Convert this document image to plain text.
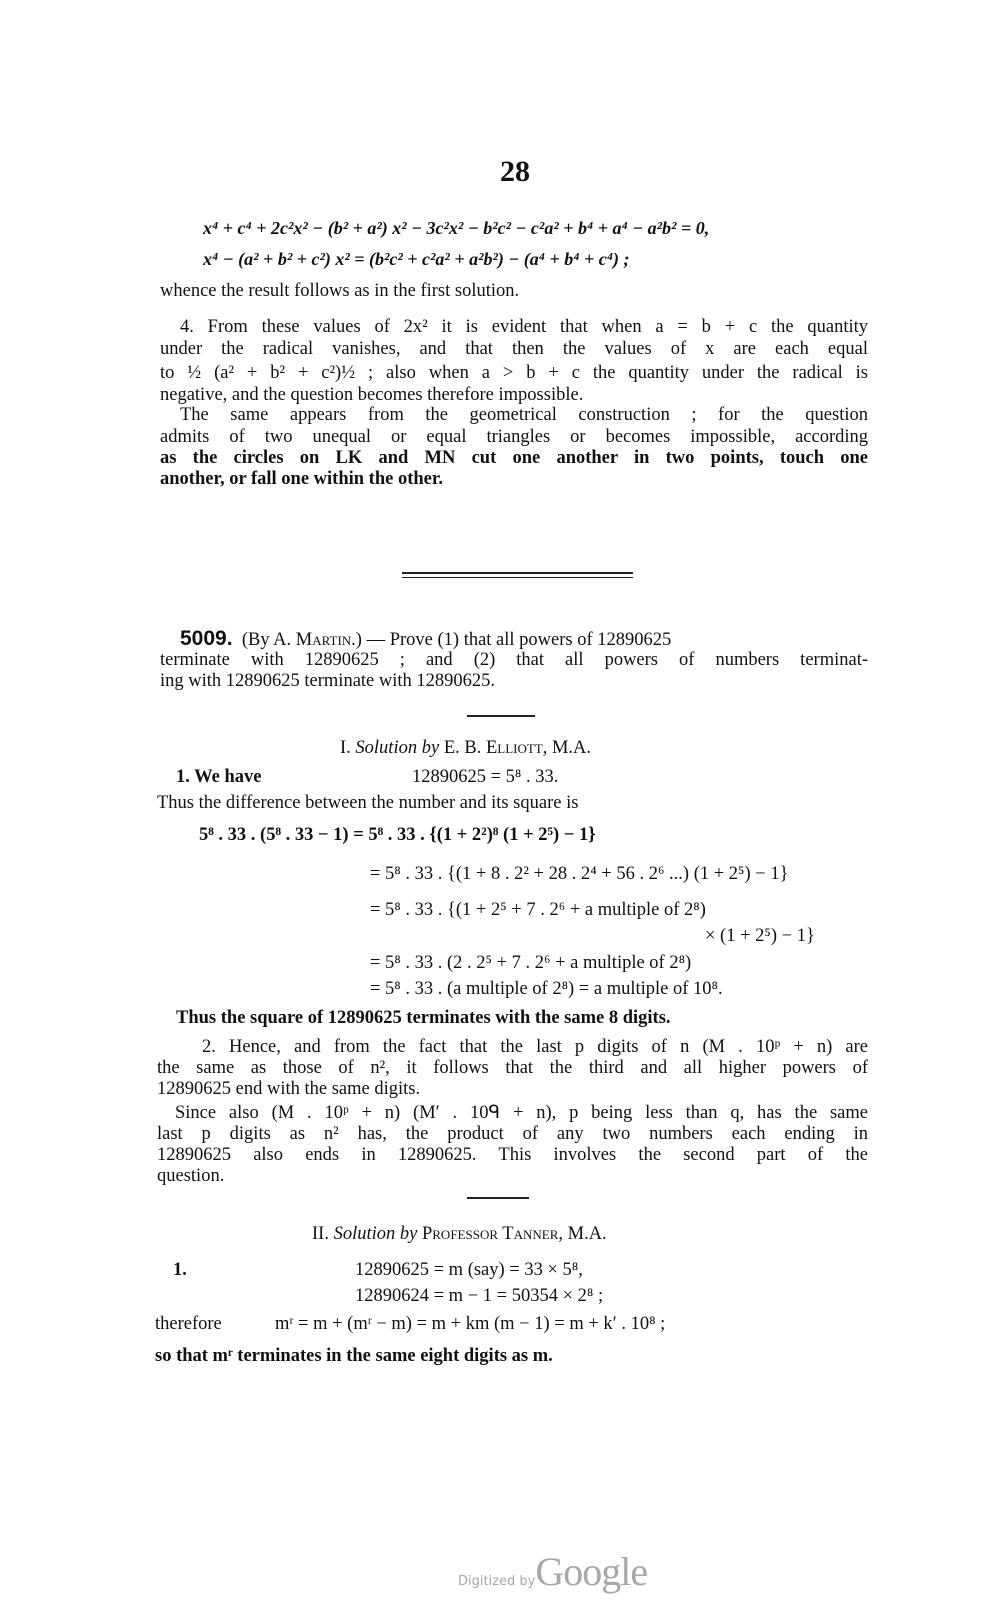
28
x⁴ + c⁴ + 2c²x² − (b² + a²) x² − 3c²x² − b²c² − c²a² + b⁴ + a⁴ − a²b² = 0,
x⁴ − (a² + b² + c²) x² = (b²c² + c²a² + a²b²) − (a⁴ + b⁴ + c⁴) ;
whence the result follows as in the first solution.
4. From these values of 2x² it is evident that when a = b + c the quantity
under the radical vanishes, and that then the values of x are each equal
to ½ (a² + b² + c²)½ ; also when a > b + c the quantity under the radical is
negative, and the question becomes therefore impossible.
The same appears from the geometrical construction ; for the question
admits of two unequal or equal triangles or becomes impossible, according
as the circles on LK and MN cut one another in two points, touch one
another, or fall one within the other.
5009. (By A. Martin.) — Prove (1) that all powers of 12890625
terminate with 12890625 ; and (2) that all powers of numbers terminat-
ing with 12890625 terminate with 12890625.
I. Solution by E. B. Elliott, M.A.
1. We have	12890625 = 5⁸ . 33.
Thus the difference between the number and its square is
5⁸ . 33 . (5⁸ . 33 − 1) = 5⁸ . 33 . {(1 + 2²)⁸ (1 + 2⁵) − 1}
= 5⁸ . 33 . {(1 + 8 . 2² + 28 . 2⁴ + 56 . 2⁶ ...) (1 + 2⁵) − 1}
= 5⁸ . 33 . {(1 + 2⁵ + 7 . 2⁶ + a multiple of 2⁸)
× (1 + 2⁵) − 1}
= 5⁸ . 33 . (2 . 2⁵ + 7 . 2⁶ + a multiple of 2⁸)
= 5⁸ . 33 . (a multiple of 2⁸) = a multiple of 10⁸.
Thus the square of 12890625 terminates with the same 8 digits.
2. Hence, and from the fact that the last p digits of n (M . 10ᵖ + n) are
the same as those of n², it follows that the third and all higher powers of
12890625 end with the same digits.
Since also (M . 10ᵖ + n) (M′ . 10ᑫ + n), p being less than q, has the same
last p digits as n² has, the product of any two numbers each ending in
12890625 also ends in 12890625. This involves the second part of the
question.
II. Solution by Professor Tanner, M.A.
1.	12890625 = m (say) = 33 × 5⁸,
12890624 = m − 1 = 50354 × 2⁸ ;
therefore	mʳ = m + (mʳ − m) = m + km (m − 1) = m + k′ . 10⁸ ;
so that mʳ terminates in the same eight digits as m.
Digitized byGoogle
